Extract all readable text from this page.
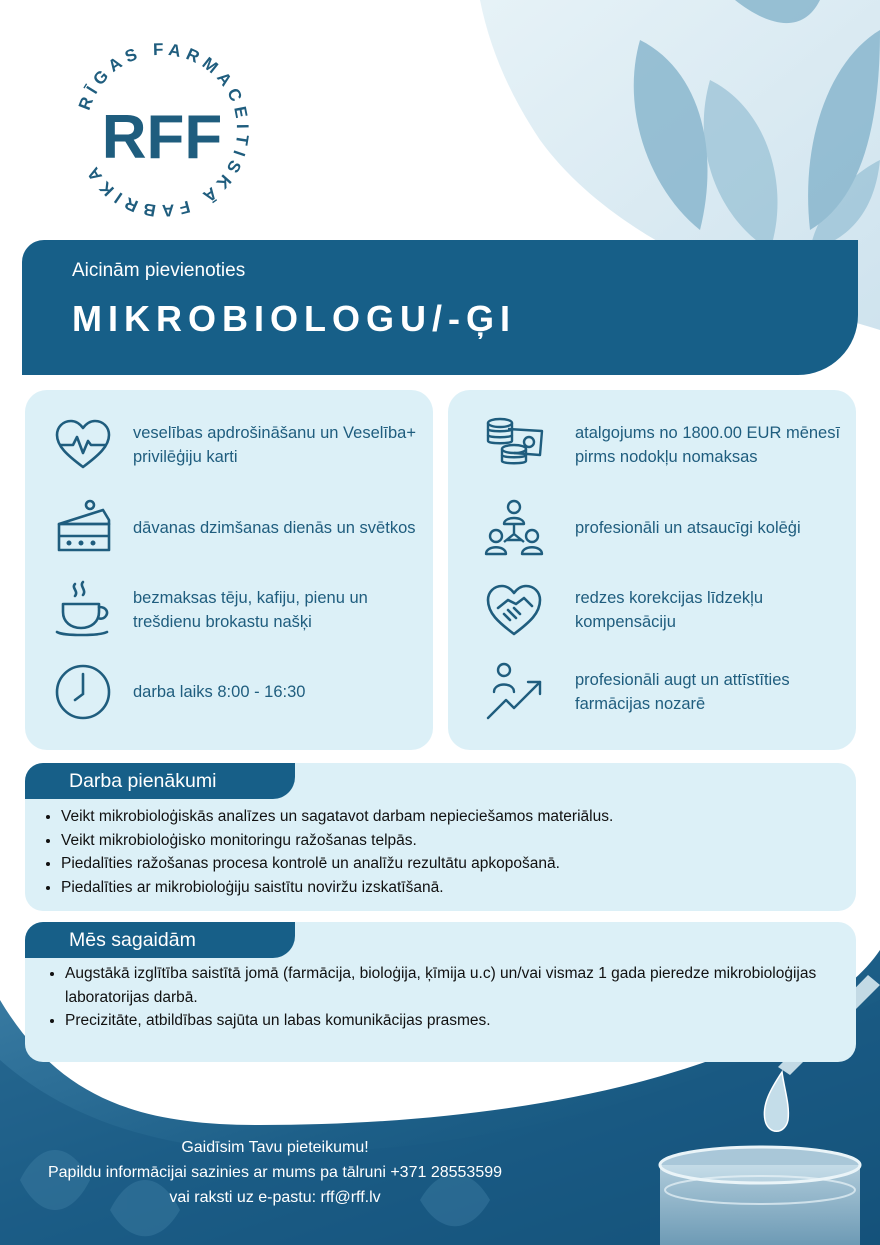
RĪGAS FARMACEITISKĀ FABRIKA
RFF
Aicinām pievienoties
MIKROBIOLOGU/-ĢI
veselības apdrošināšanu un Veselība+ privilēģiju karti
dāvanas dzimšanas dienās un svētkos
bezmaksas tēju, kafiju, pienu un trešdienu brokastu našķi
darba laiks 8:00 - 16:30
atalgojums no 1800.00 EUR mēnesī pirms nodokļu nomaksas
profesionāli un atsaucīgi kolēģi
redzes korekcijas līdzekļu kompensāciju
profesionāli augt un attīstīties farmācijas nozarē
Darba pienākumi
• Veikt mikrobioloģiskās analīzes un sagatavot darbam nepieciešamos materiālus.
• Veikt mikrobioloģisko monitoringu ražošanas telpās.
• Piedalīties ražošanas procesa kontrolē un analīžu rezultātu apkopošanā.
• Piedalīties ar mikrobioloģiju saistītu noviržu izskatīšanā.
Mēs sagaidām
• Augstākā izglītība saistītā jomā (farmācija, bioloģija, ķīmija u.c) un/vai vismaz 1 gada pieredze mikrobioloģijas laboratorijas darbā.
• Precizitāte, atbildības sajūta un labas komunikācijas prasmes.
Gaidīsim Tavu pieteikumu!
Papildu informācijai sazinies ar mums pa tālruni +371 28553599
vai raksti uz e-pastu: rff@rff.lv
